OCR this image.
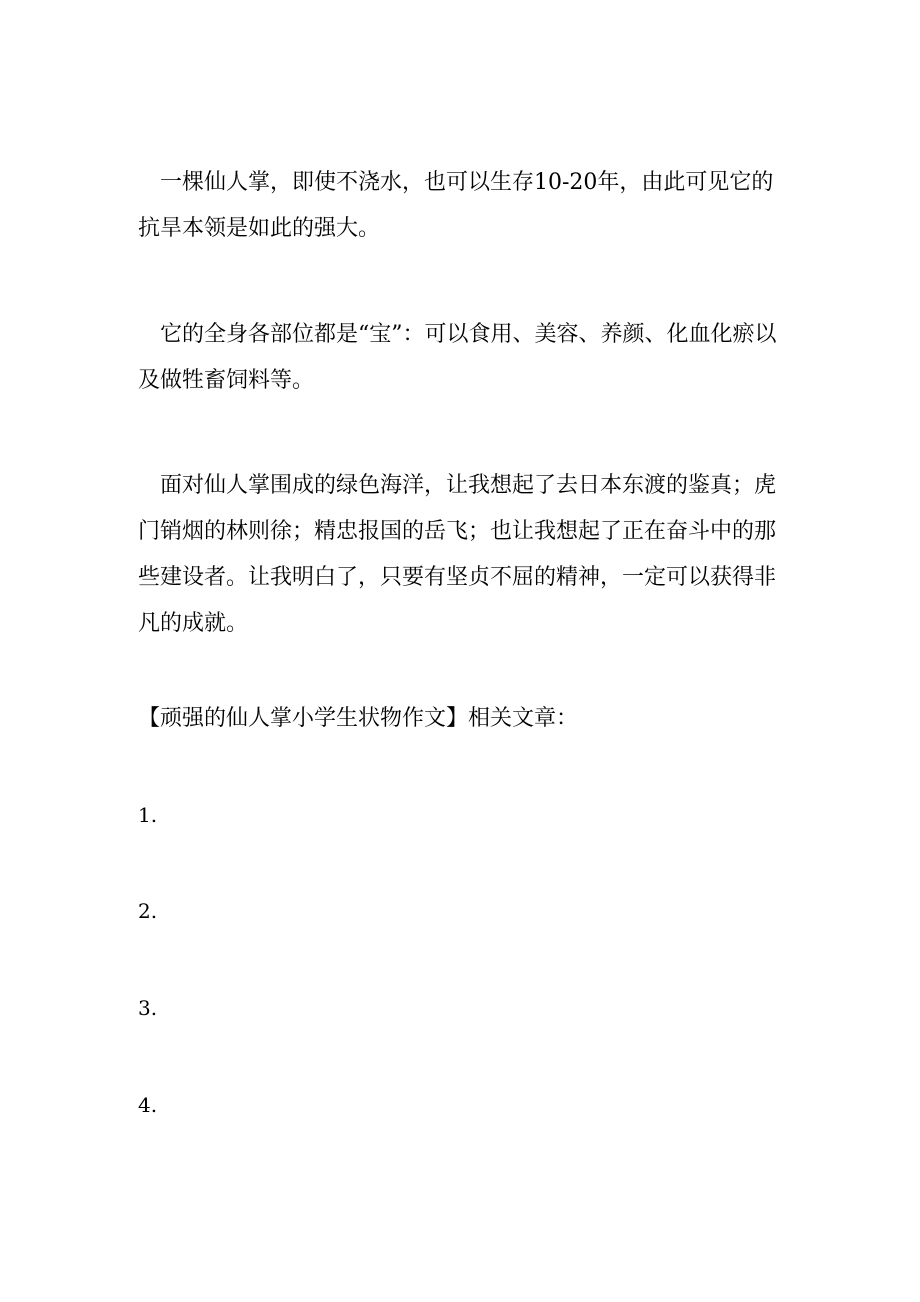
一棵仙人掌，即使不浇水，也可以生存10-20年，由此可见它的抗旱本领是如此的强大。

它的全身各部位都是“宝”：可以食用、美容、养颜、化血化瘀以及做牲畜饲料等。

面对仙人掌围成的绿色海洋，让我想起了去日本东渡的鉴真；虎门销烟的林则徐；精忠报国的岳飞；也让我想起了正在奋斗中的那些建设者。让我明白了，只要有坚贞不屈的精神，一定可以获得非凡的成就。

【顽强的仙人掌小学生状物作文】相关文章：

1.

2.

3.

4.
